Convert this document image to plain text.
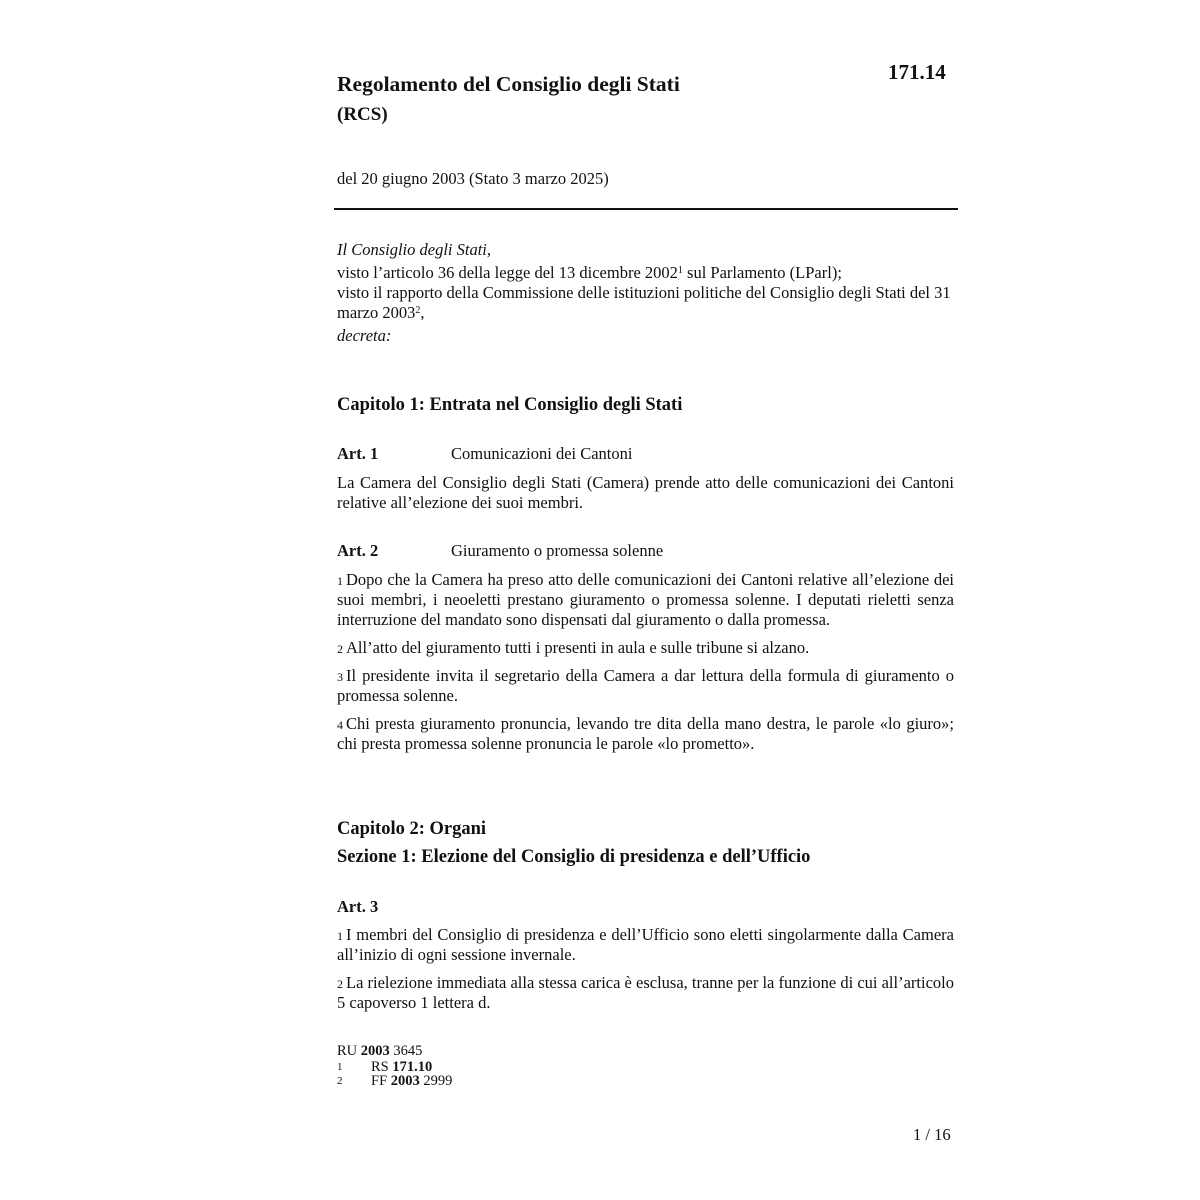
171.14
Regolamento del Consiglio degli Stati
(RCS)
del 20 giugno 2003 (Stato 3 marzo 2025)

Il Consiglio degli Stati,

visto l’articolo 36 della legge del 13 dicembre 2002$^1$ sul Parlamento (LParl);

visto il rapporto della Commissione delle istituzioni politiche del Consiglio degli Stati del 31 marzo 2003$^2$,

decreta:

Capitolo 1: Entrata nel Consiglio degli Stati
Art. 1	Comunicazioni dei Cantoni

La Camera del Consiglio degli Stati (Camera) prende atto delle comunicazioni dei Cantoni relative all’elezione dei suoi membri.

Art. 2	Giuramento o promessa solenne

$^1$ Dopo che la Camera ha preso atto delle comunicazioni dei Cantoni relative all’elezione dei suoi membri, i neoeletti prestano giuramento o promessa solenne. I deputati rieletti senza interruzione del mandato sono dispensati dal giuramento o dalla promessa.

$^2$ All’atto del giuramento tutti i presenti in aula e sulle tribune si alzano.

$^3$ Il presidente invita il segretario della Camera a dar lettura della formula di giuramento o promessa solenne.

$^4$ Chi presta giuramento pronuncia, levando tre dita della mano destra, le parole «lo giuro»; chi presta promessa solenne pronuncia le parole «lo prometto».

Capitolo 2: Organi
Sezione 1: Elezione del Consiglio di presidenza e dell’Ufficio
Art. 3

$^1$ I membri del Consiglio di presidenza e dell’Ufficio sono eletti singolarmente dalla Camera all’inizio di ogni sessione invernale.

$^2$ La rielezione immediata alla stessa carica è esclusa, tranne per la funzione di cui all’articolo 5 capoverso 1 lettera d.

RU 2003 3645
1	RS 171.10
2	FF 2003 2999
1 / 16
